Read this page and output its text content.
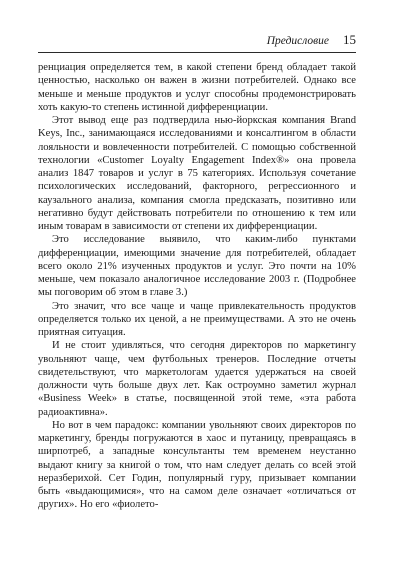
Предисловие 15

ренциация определяется тем, в какой степени бренд обладает такой ценностью, насколько он важен в жизни потребителей. Однако все меньше и меньше продуктов и услуг способны продемонстрировать хоть какую-то степень истинной дифференциации.

Этот вывод еще раз подтвердила нью-йоркская компания Brand Keys, Inc., занимающаяся исследованиями и консалтингом в области лояльности и вовлеченности потребителей. С помощью собственной технологии «Customer Loyalty Engagement Index®» она провела анализ 1847 товаров и услуг в 75 категориях. Используя сочетание психологических исследований, факторного, регрессионного и каузального анализа, компания смогла предсказать, позитивно или негативно будут действовать потребители по отношению к тем или иным товарам в зависимости от степени их дифференциации.

Это исследование выявило, что каким-либо пунктами дифференциации, имеющими значение для потребителей, обладает всего около 21% изученных продуктов и услуг. Это почти на 10% меньше, чем показало аналогичное исследование 2003 г. (Подробнее мы поговорим об этом в главе 3.)

Это значит, что все чаще и чаще привлекательность продуктов определяется только их ценой, а не преимуществами. А это не очень приятная ситуация.

И не стоит удивляться, что сегодня директоров по маркетингу увольняют чаще, чем футбольных тренеров. Последние отчеты свидетельствуют, что маркетологам удается удержаться на своей должности чуть больше двух лет. Как остроумно заметил журнал «Business Week» в статье, посвященной этой теме, «эта работа радиоактивна».

Но вот в чем парадокс: компании увольняют своих директоров по маркетингу, бренды погружаются в хаос и путаницу, превращаясь в ширпотреб, а западные консультанты тем временем неустанно выдают книгу за книгой о том, что нам следует делать со всей этой неразберихой. Сет Годин, популярный гуру, призывает компании быть «выдающимися», что на самом деле означает «отличаться от других». Но его «фиолето-
